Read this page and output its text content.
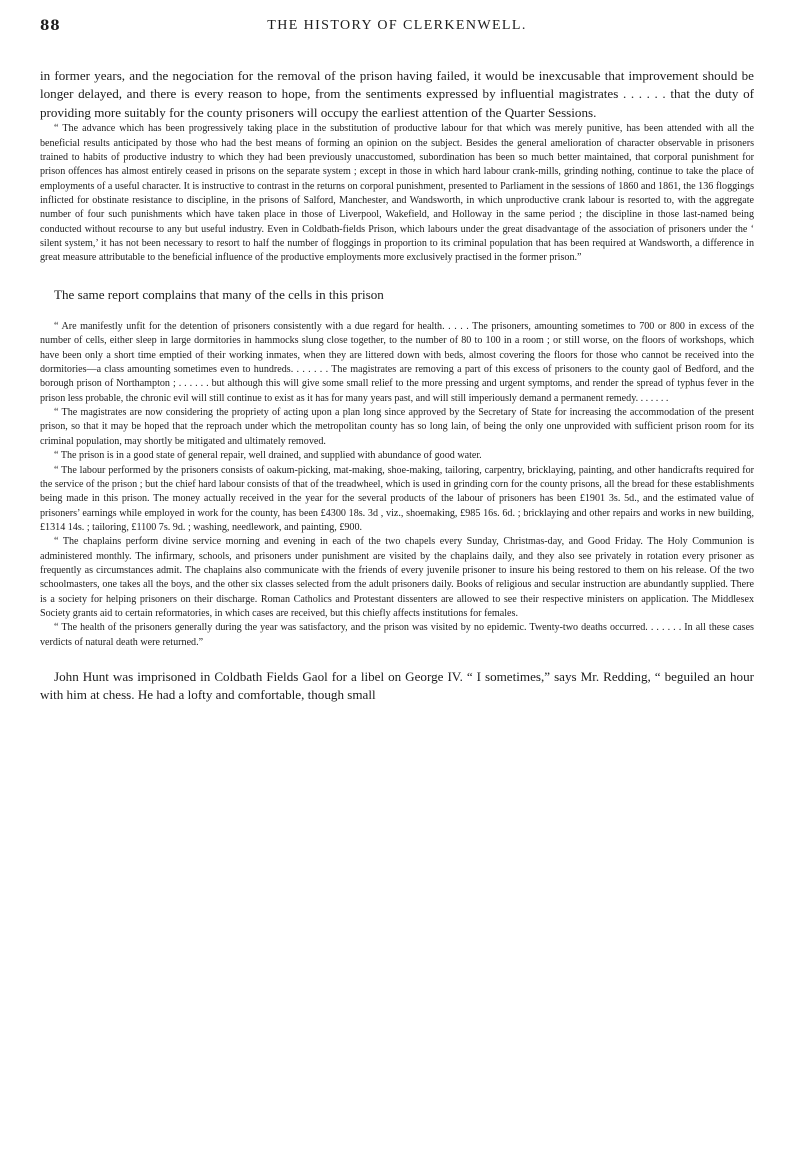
88	THE HISTORY OF CLERKENWELL.

in former years, and the negociation for the removal of the prison having failed, it would be inexcusable that improvement should be longer delayed, and there is every reason to hope, from the sentiments expressed by influential magistrates . . . . . . that the duty of providing more suitably for the county prisoners will occupy the earliest attention of the Quarter Sessions.

“ The advance which has been progressively taking place in the substitution of productive labour for that which was merely punitive, has been attended with all the beneficial results anticipated by those who had the best means of forming an opinion on the subject. Besides the general amelioration of character observable in prisoners trained to habits of productive industry to which they had been previously unaccustomed, subordination has been so much better maintained, that corporal punishment for prison offences has almost entirely ceased in prisons on the separate system ; except in those in which hard labour crank-mills, grinding nothing, continue to take the place of employments of a useful character. It is instructive to contrast in the returns on corporal punishment, presented to Parliament in the sessions of 1860 and 1861, the 136 floggings inflicted for obstinate resistance to discipline, in the prisons of Salford, Manchester, and Wandsworth, in which unproductive crank labour is resorted to, with the aggregate number of four such punishments which have taken place in those of Liverpool, Wakefield, and Holloway in the same period ; the discipline in those last-named being conducted without recourse to any but useful industry. Even in Coldbath-fields Prison, which labours under the great disadvantage of the association of prisoners under the ‘ silent system,’ it has not been necessary to resort to half the number of floggings in proportion to its criminal population that has been required at Wandsworth, a difference in great measure attributable to the beneficial influence of the productive employments more exclusively practised in the former prison.”

The same report complains that many of the cells in this prison

“ Are manifestly unfit for the detention of prisoners consistently with a due regard for health. . . . . The prisoners, amounting sometimes to 700 or 800 in excess of the number of cells, either sleep in large dormitories in hammocks slung close together, to the number of 80 to 100 in a room ; or still worse, on the floors of workshops, which have been only a short time emptied of their working inmates, when they are littered down with beds, almost covering the floors for those who cannot be received into the dormitories—a class amounting sometimes even to hundreds. . . . . . . The magistrates are removing a part of this excess of prisoners to the county gaol of Bedford, and the borough prison of Northampton ; . . . . . . but although this will give some small relief to the more pressing and urgent symptoms, and render the spread of typhus fever in the prison less probable, the chronic evil will still continue to exist as it has for many years past, and will still imperiously demand a permanent remedy. . . . . . .

“ The magistrates are now considering the propriety of acting upon a plan long since approved by the Secretary of State for increasing the accommodation of the present prison, so that it may be hoped that the reproach under which the metropolitan county has so long lain, of being the only one unprovided with sufficient prison room for its criminal population, may shortly be mitigated and ultimately removed.

“ The prison is in a good state of general repair, well drained, and supplied with abundance of good water.

“ The labour performed by the prisoners consists of oakum-picking, mat-making, shoe-making, tailoring, carpentry, bricklaying, painting, and other handicrafts required for the service of the prison ; but the chief hard labour consists of that of the treadwheel, which is used in grinding corn for the county prisons, all the bread for these establishments being made in this prison. The money actually received in the year for the several products of the labour of prisoners has been £1901 3s. 5d., and the estimated value of prisoners’ earnings while employed in work for the county, has been £4300 18s. 3d , viz., shoemaking, £985 16s. 6d. ; bricklaying and other repairs and works in new building, £1314 14s. ; tailoring, £1100 7s. 9d. ; washing, needlework, and painting, £900.

“ The chaplains perform divine service morning and evening in each of the two chapels every Sunday, Christmas-day, and Good Friday. The Holy Communion is administered monthly. The infirmary, schools, and prisoners under punishment are visited by the chaplains daily, and they also see privately in rotation every prisoner as frequently as circumstances admit. The chaplains also communicate with the friends of every juvenile prisoner to insure his being restored to them on his release. Of the two schoolmasters, one takes all the boys, and the other six classes selected from the adult prisoners daily. Books of religious and secular instruction are abundantly supplied. There is a society for helping prisoners on their discharge. Roman Catholics and Protestant dissenters are allowed to see their respective ministers on application. The Middlesex Society grants aid to certain reformatories, in which cases are received, but this chiefly affects institutions for females.

“ The health of the prisoners generally during the year was satisfactory, and the prison was visited by no epidemic. Twenty-two deaths occurred. . . . . . . In all these cases verdicts of natural death were returned.”

John Hunt was imprisoned in Coldbath Fields Gaol for a libel on George IV. “ I sometimes,” says Mr. Redding, “ beguiled an hour with him at chess. He had a lofty and comfortable, though small
